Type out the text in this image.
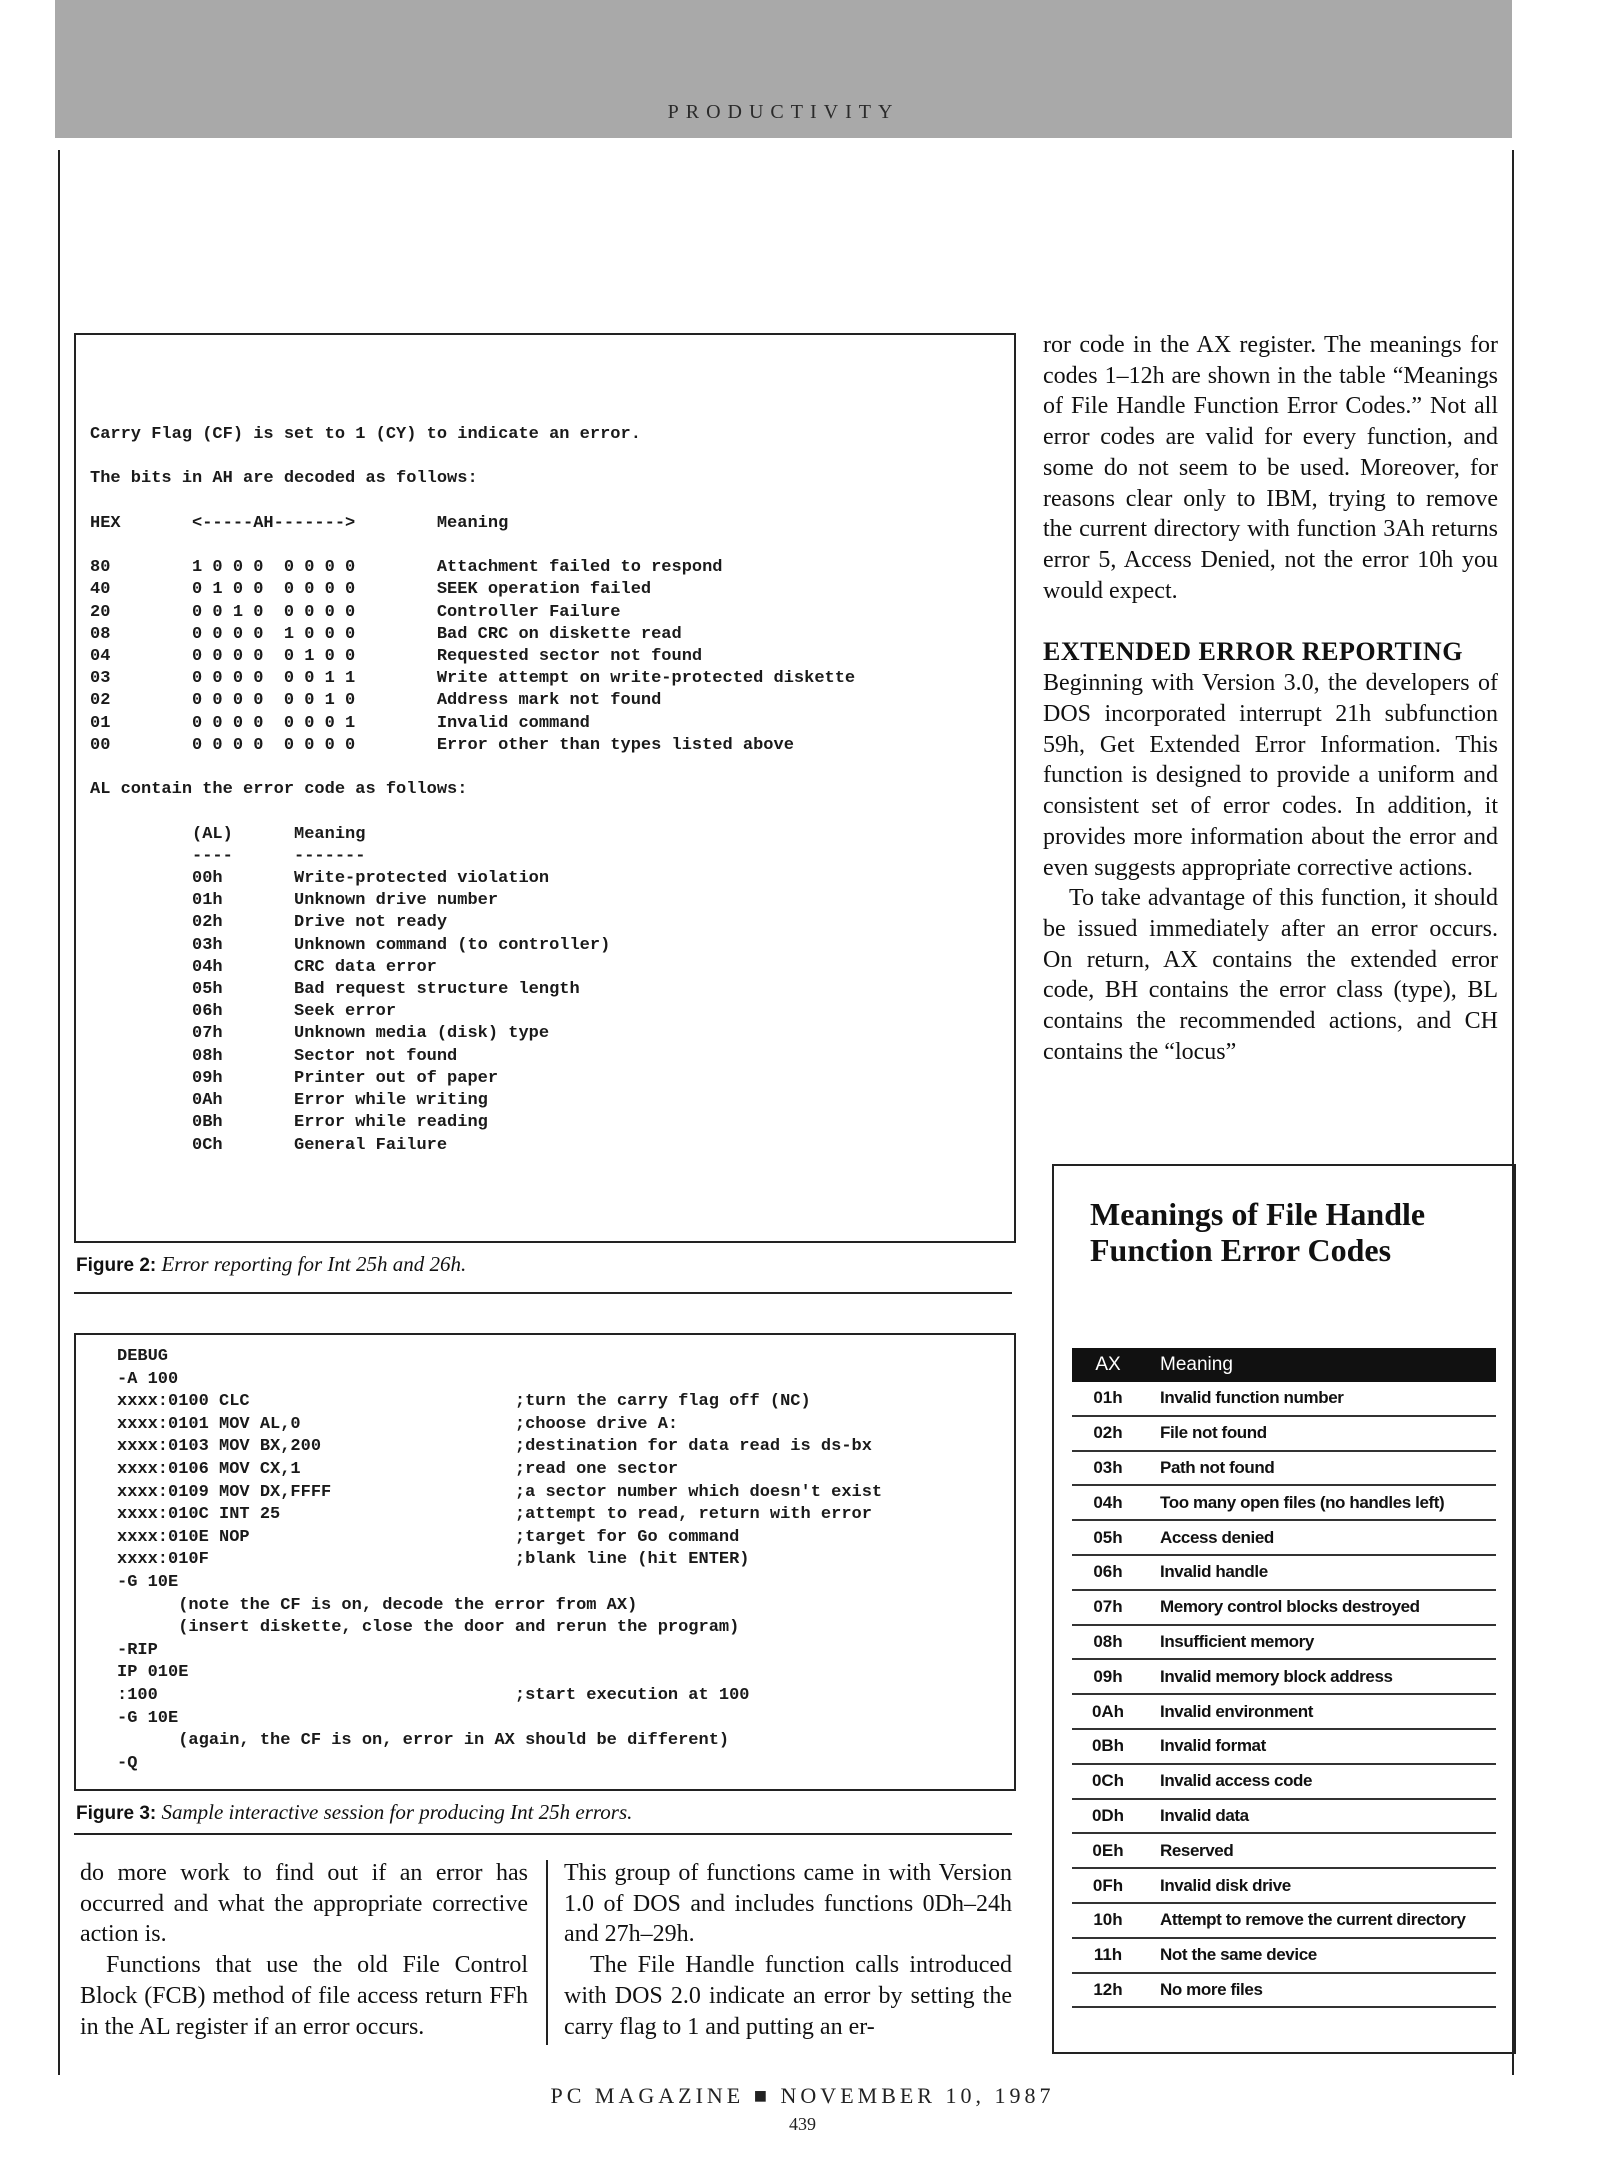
PRODUCTIVITY
Carry Flag (CF) is set to 1 (CY) to indicate an error.

The bits in AH are decoded as follows:

HEX       <-----AH------->        Meaning

80        1 0 0 0  0 0 0 0        Attachment failed to respond
40        0 1 0 0  0 0 0 0        SEEK operation failed
20        0 0 1 0  0 0 0 0        Controller Failure
08        0 0 0 0  1 0 0 0        Bad CRC on diskette read
04        0 0 0 0  0 1 0 0        Requested sector not found
03        0 0 0 0  0 0 1 1        Write attempt on write-protected diskette
02        0 0 0 0  0 0 1 0        Address mark not found
01        0 0 0 0  0 0 0 1        Invalid command
00        0 0 0 0  0 0 0 0        Error other than types listed above

AL contain the error code as follows:

(AL)      Meaning
----      -------
00h       Write-protected violation
01h       Unknown drive number
02h       Drive not ready
03h       Unknown command (to controller)
04h       CRC data error
05h       Bad request structure length
06h       Seek error
07h       Unknown media (disk) type
08h       Sector not found
09h       Printer out of paper
0Ah       Error while writing
0Bh       Error while reading
0Ch       General Failure

Figure 2: Error reporting for Int 25h and 26h.
DEBUG
-A 100
xxxx:0100 CLC                          ;turn the carry flag off (NC)
xxxx:0101 MOV AL,0                     ;choose drive A:
xxxx:0103 MOV BX,200                   ;destination for data read is ds-bx
xxxx:0106 MOV CX,1                     ;read one sector
xxxx:0109 MOV DX,FFFF                  ;a sector number which doesn't exist
xxxx:010C INT 25                       ;attempt to read, return with error
xxxx:010E NOP                          ;target for Go command
xxxx:010F                              ;blank line (hit ENTER)
-G 10E
(note the CF is on, decode the error from AX)
(insert diskette, close the door and rerun the program)
-RIP
IP 010E
:100                                   ;start execution at 100
-G 10E
(again, the CF is on, error in AX should be different)
-Q

Figure 3: Sample interactive session for producing Int 25h errors.

ror code in the AX register. The meanings for codes 1–12h are shown in the table “Meanings of File Handle Function Error Codes.” Not all error codes are valid for every function, and some do not seem to be used. Moreover, for reasons clear only to IBM, trying to remove the current directory with function 3Ah returns error 5, Access Denied, not the error 10h you would expect.

EXTENDED ERROR REPORTING

Beginning with Version 3.0, the developers of DOS incorporated interrupt 21h subfunction 59h, Get Extended Error Information. This function is designed to provide a uniform and consistent set of error codes. In addition, it provides more information about the error and even suggests appropriate corrective actions.

To take advantage of this function, it should be issued immediately after an error occurs. On return, AX contains the extended error code, BH contains the error class (type), BL contains the recommended actions, and CH contains the “locus”

do more work to find out if an error has occurred and what the appropriate corrective action is.

Functions that use the old File Control Block (FCB) method of file access return FFh in the AL register if an error occurs.

This group of functions came in with Version 1.0 of DOS and includes functions 0Dh–24h and 27h–29h.

The File Handle function calls introduced with DOS 2.0 indicate an error by setting the carry flag to 1 and putting an er-

Meanings of File Handle Function Error Codes
AX	Meaning
01h	Invalid function number
02h	File not found
03h	Path not found
04h	Too many open files (no handles left)
05h	Access denied
06h	Invalid handle
07h	Memory control blocks destroyed
08h	Insufficient memory
09h	Invalid memory block address
0Ah	Invalid environment
0Bh	Invalid format
0Ch	Invalid access code
0Dh	Invalid data
0Eh	Reserved
0Fh	Invalid disk drive
10h	Attempt to remove the current directory
11h	Not the same device
12h	No more files
PC MAGAZINE ■ NOVEMBER 10, 1987
439
